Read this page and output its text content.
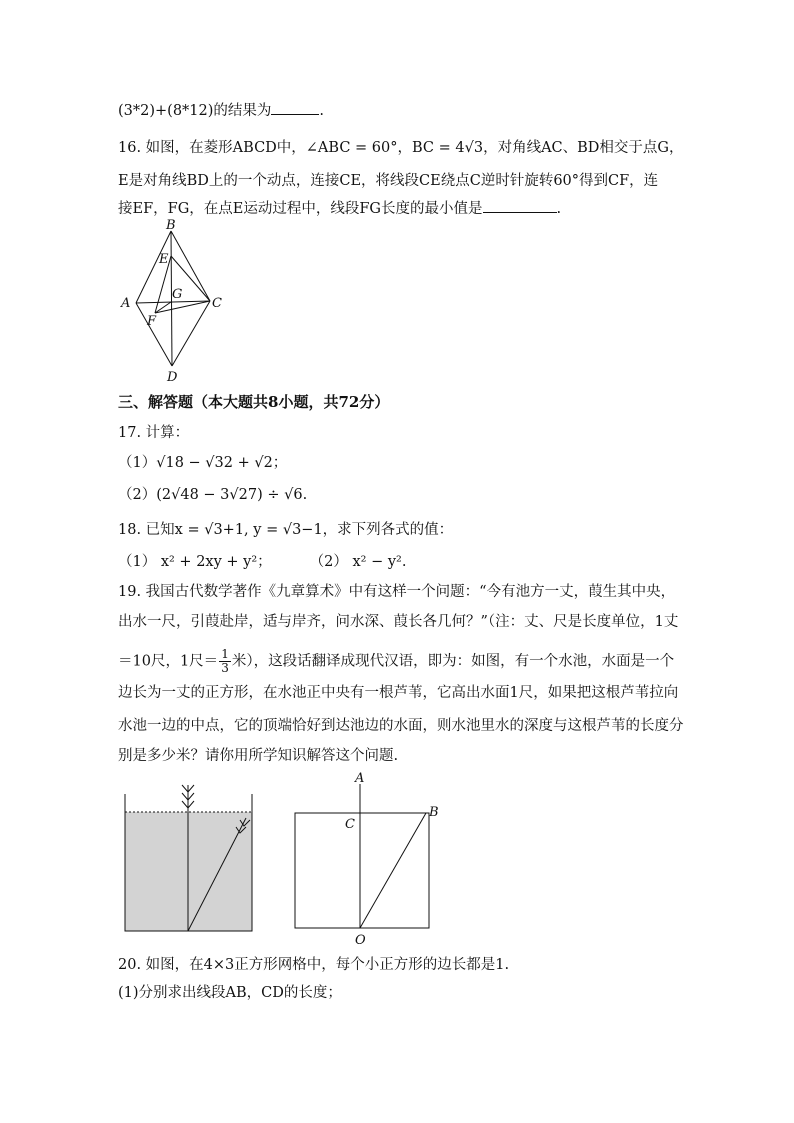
(3*2)+(8*12)的结果为	.
16. 如图，在菱形ABCD中，∠ABC = 60°，BC = 4√3，对角线AC、BD相交于点G，
E是对角线BD上的一个动点，连接CE，将线段CE绕点C逆时针旋转60°得到CF，连
接EF，FG，在点E运动过程中，线段FG长度的最小值是	.
B
E
G
A	C
F
D
三、解答题（本大题共8小题，共72分）
17. 计算：
（1）√18 − √32 + √2；
（2）(2√48 − 3√27) ÷ √6.
18. 已知x = √3+1, y = √3−1，求下列各式的值：
（1） x² + 2xy + y²；	（2） x² − y².
19. 我国古代数学著作《九章算术》中有这样一个问题：“今有池方一丈，葭生其中央，
出水一尺，引葭赴岸，适与岸齐，问水深、葭长各几何？”（注：丈、尺是长度单位，1丈
＝10尺，1尺＝ $\frac{1}{3}$ 米），这段话翻译成现代汉语，即为：如图，有一个水池，水面是一个
边长为一丈的正方形，在水池正中央有一根芦苇，它高出水面1尺，如果把这根芦苇拉向
水池一边的中点，它的顶端恰好到达池边的水面，则水池里水的深度与这根芦苇的长度分
别是多少米？请你用所学知识解答这个问题.
A
B
C
O
20. 如图，在4×3正方形网格中，每个小正方形的边长都是1.
(1)分别求出线段AB，CD的长度；
